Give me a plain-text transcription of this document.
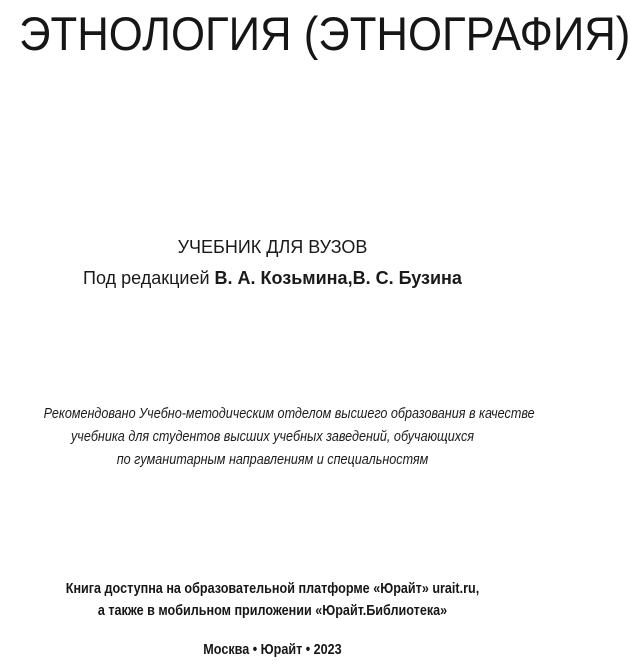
ЭТНОЛОГИЯ (ЭТНОГРАФИЯ)
УЧЕБНИК ДЛЯ ВУЗОВ
Под редакцией В. А. Козьмина,В. С. Бузина
Рекомендовано Учебно-методическим отделом высшего образования в качестве
учебника для студентов высших учебных заведений, обучающихся
по гуманитарным направлениям и специальностям
Книга доступна на образовательной платформе «Юрайт» urait.ru,
а также в мобильном приложении «Юрайт.Библиотека»
Москва • Юрайт • 2023
